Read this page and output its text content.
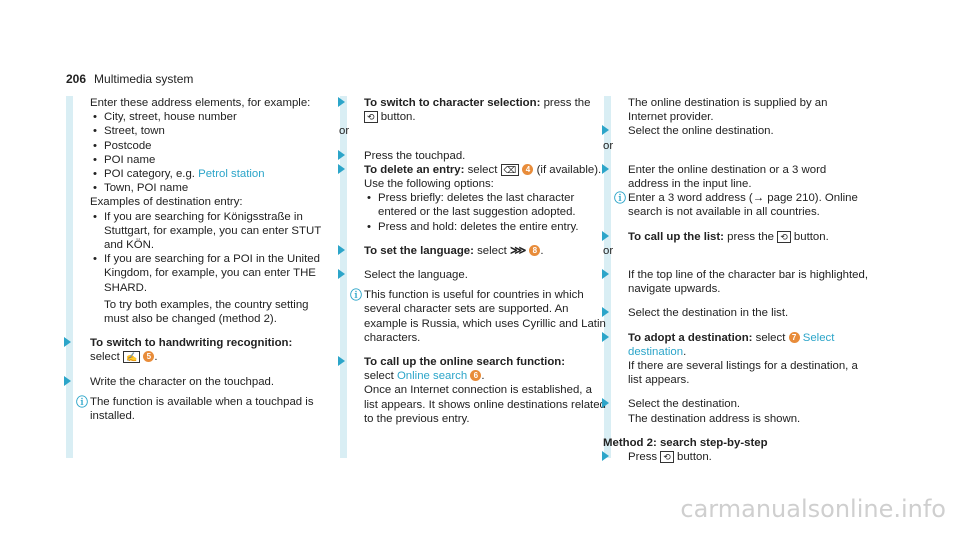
206 Multimedia system

Enter these address elements, for example:

• City, street, house number
• Street, town
• Postcode
• POI name
• POI category, e.g. Petrol station
• Town, POI name

Examples of destination entry:

• If you are searching for Königsstraße in Stuttgart, for example, you can enter STUT and KÖN.
• If you are searching for a POI in the United Kingdom, for example, you can enter THE SHARD.

To try both examples, the country setting must also be changed (method 2).
To switch to handwriting recognition:
select ✍ 5 .
Write the character on the touchpad.
ⓘ The function is available when a touchpad is installed.
To switch to character selection: press the
⟲ button.

or

Press the touchpad.
To delete an entry: select ⌫ 4 (if available).

Use the following options:

• Press briefly: deletes the last character entered or the last suggestion adopted.
• Press and hold: deletes the entire entry.
To set the language: select ⋙ 8 .
Select the language.
ⓘ This function is useful for countries in which several character sets are supported. An example is Russia, which uses Cyrillic and Latin characters.
To call up the online search function:
select Online search 6 .
Once an Internet connection is established, a list appears. It shows online destinations related to the previous entry.

The online destination is supplied by an Internet provider.

Select the online destination.

or

Enter the online destination or a 3 word address in the input line.
ⓘ Enter a 3 word address (→ page 210). Online search is not available in all countries.
To call up the list: press the ⟲ button.

or

If the top line of the character bar is highlighted, navigate upwards.
Select the destination in the list.
To adopt a destination: select 7 Select destination.
If there are several listings for a destination, a list appears.
Select the destination.
The destination address is shown.

Method 2: search step-by-step

Press ⟲ button.
carmanualsonline.info
